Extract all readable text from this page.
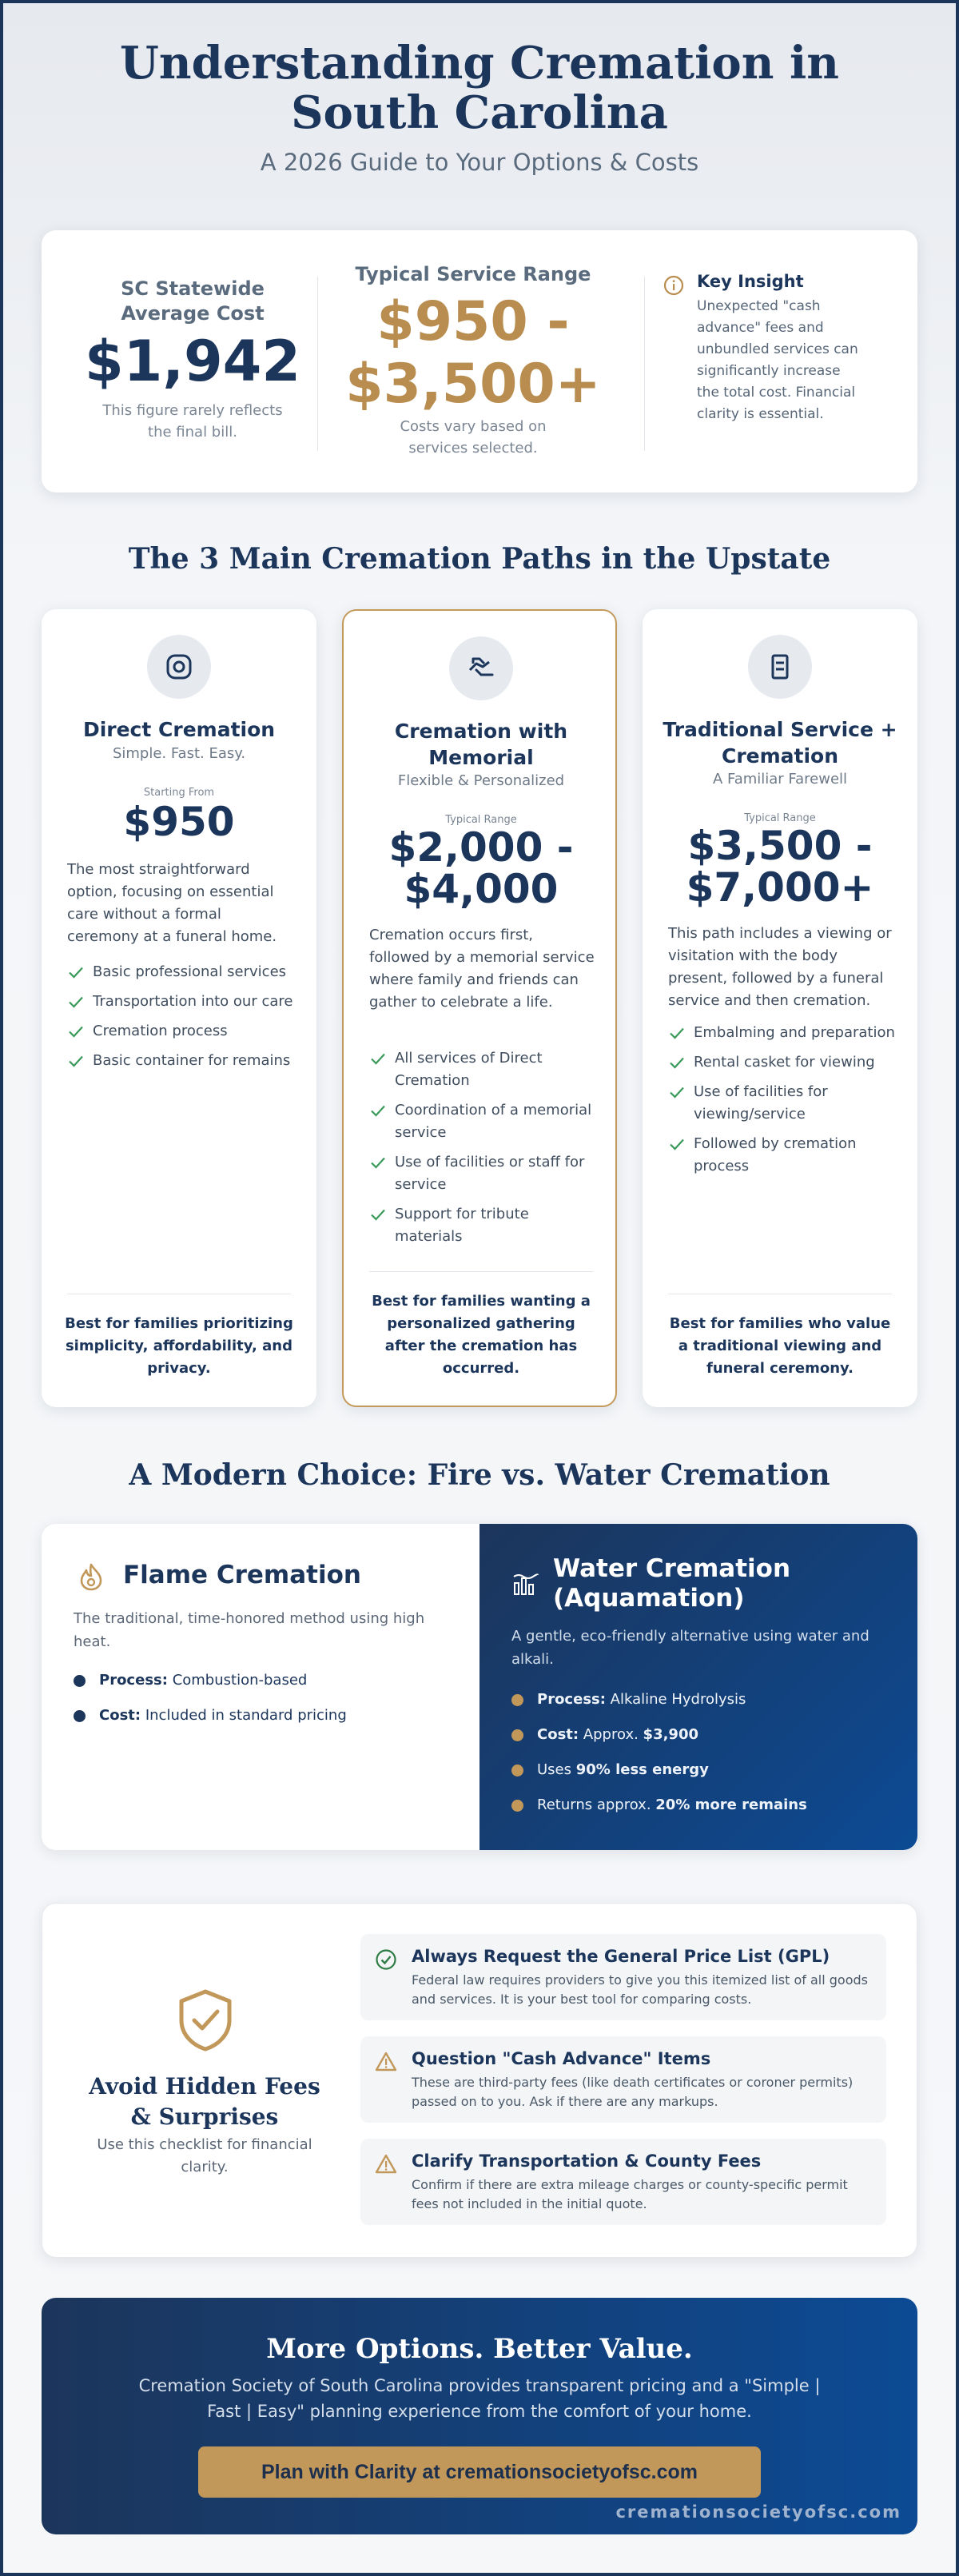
Understanding Cremation in South Carolina
A 2026 Guide to Your Options & Costs
SC Statewide Average Cost
$1,942
This figure rarely reflects the final bill.
Typical Service Range
$950 - $3,500+
Costs vary based on services selected.
Key Insight
Unexpected "cash advance" fees and unbundled services can significantly increase the total cost. Financial clarity is essential.
The 3 Main Cremation Paths in the Upstate
Direct Cremation
Simple. Fast. Easy.
Starting From
$950
The most straightforward option, focusing on essential care without a formal ceremony at a funeral home.
Basic professional services
Transportation into our care
Cremation process
Basic container for remains
Best for families prioritizing simplicity, affordability, and privacy.
Cremation with Memorial
Flexible & Personalized
Typical Range
$2,000 - $4,000
Cremation occurs first, followed by a memorial service where family and friends can gather to celebrate a life.
All services of Direct Cremation
Coordination of a memorial service
Use of facilities or staff for service
Support for tribute materials
Best for families wanting a personalized gathering after the cremation has occurred.
Traditional Service + Cremation
A Familiar Farewell
Typical Range
$3,500 - $7,000+
This path includes a viewing or visitation with the body present, followed by a funeral service and then cremation.
Embalming and preparation
Rental casket for viewing
Use of facilities for viewing/service
Followed by cremation process
Best for families who value a traditional viewing and funeral ceremony.
A Modern Choice: Fire vs. Water Cremation
Flame Cremation
The traditional, time-honored method using high heat.
Process: Combustion-based
Cost: Included in standard pricing
Water Cremation (Aquamation)
A gentle, eco-friendly alternative using water and alkali.
Process: Alkaline Hydrolysis
Cost: Approx. $3,900
Uses 90% less energy
Returns approx. 20% more remains
Avoid Hidden Fees & Surprises
Use this checklist for financial clarity.
Always Request the General Price List (GPL)
Federal law requires providers to give you this itemized list of all goods and services. It is your best tool for comparing costs.
Question "Cash Advance" Items
These are third-party fees (like death certificates or coroner permits) passed on to you. Ask if there are any markups.
Clarify Transportation & County Fees
Confirm if there are extra mileage charges or county-specific permit fees not included in the initial quote.
More Options. Better Value.
Cremation Society of South Carolina provides transparent pricing and a "Simple | Fast | Easy" planning experience from the comfort of your home.
Plan with Clarity at cremationsocietyofsc.com
cremationsocietyofsc.com
